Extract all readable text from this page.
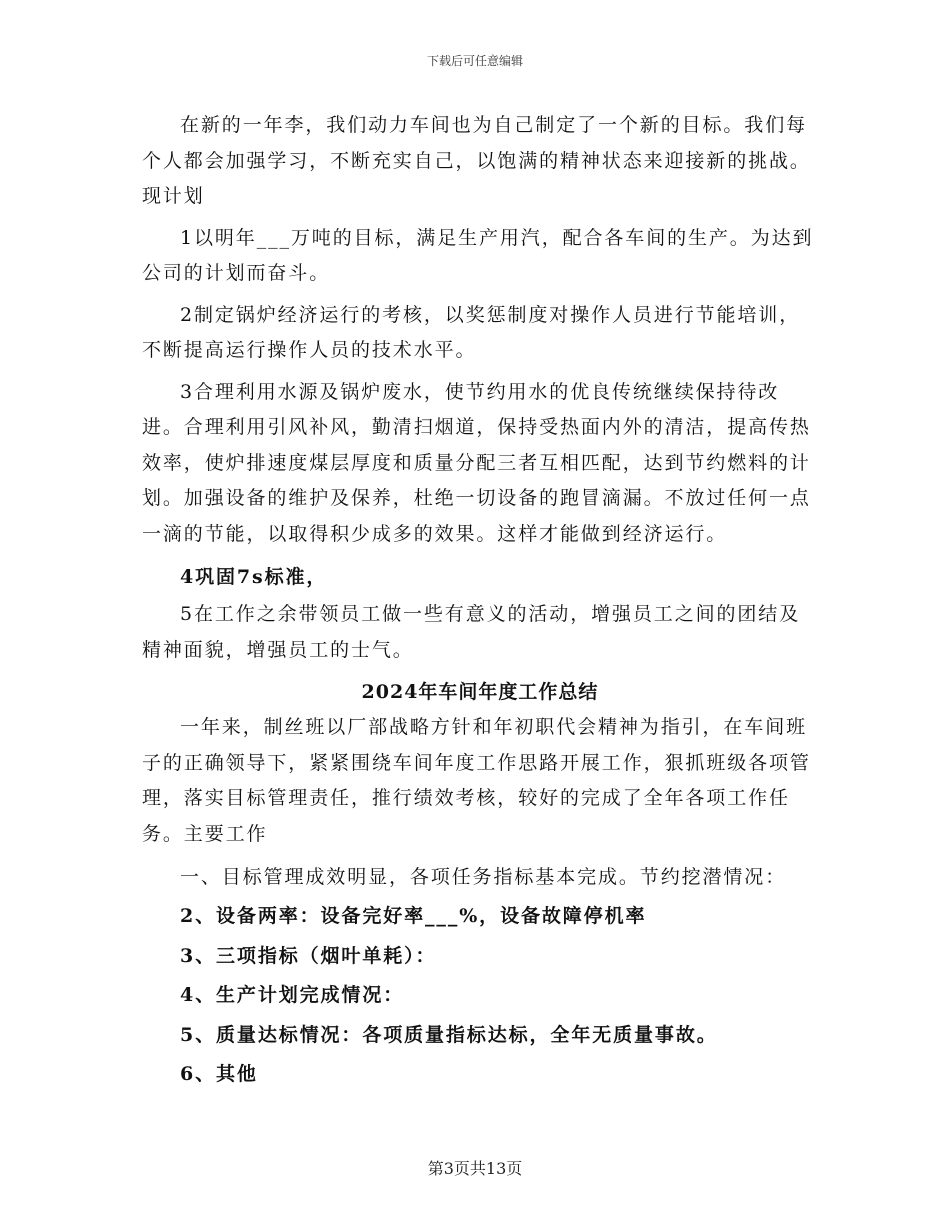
下载后可任意编辑

在新的一年李，我们动力车间也为自己制定了一个新的目标。我们每个人都会加强学习，不断充实自己，以饱满的精神状态来迎接新的挑战。现计划

1以明年___万吨的目标，满足生产用汽，配合各车间的生产。为达到公司的计划而奋斗。

2制定锅炉经济运行的考核，以奖惩制度对操作人员进行节能培训，不断提高运行操作人员的技术水平。

3合理利用水源及锅炉废水，使节约用水的优良传统继续保持待改进。合理利用引风补风，勤清扫烟道，保持受热面内外的清洁，提高传热效率，使炉排速度煤层厚度和质量分配三者互相匹配，达到节约燃料的计划。加强设备的维护及保养，杜绝一切设备的跑冒滴漏。不放过任何一点一滴的节能，以取得积少成多的效果。这样才能做到经济运行。

4巩固7s标准，

5在工作之余带领员工做一些有意义的活动，增强员工之间的团结及精神面貌，增强员工的士气。

2024年车间年度工作总结

一年来，制丝班以厂部战略方针和年初职代会精神为指引，在车间班子的正确领导下，紧紧围绕车间年度工作思路开展工作，狠抓班级各项管理，落实目标管理责任，推行绩效考核，较好的完成了全年各项工作任务。主要工作

一、目标管理成效明显，各项任务指标基本完成。节约挖潜情况：

2、设备两率：设备完好率___%，设备故障停机率

3、三项指标（烟叶单耗）：

4、生产计划完成情况：

5、质量达标情况：各项质量指标达标，全年无质量事故。

6、其他

第3页共13页
